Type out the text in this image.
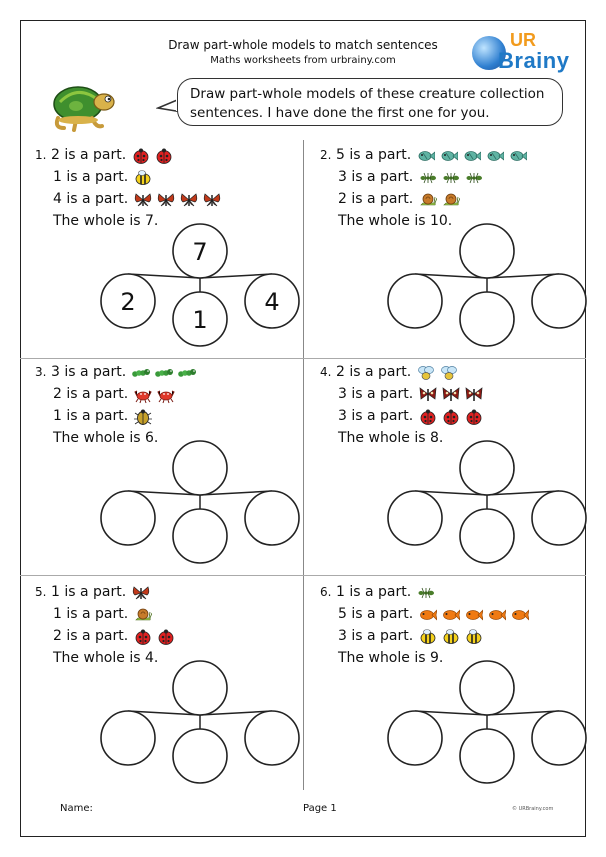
Draw part-whole models to match sentences
Maths worksheets from urbrainy.com
UR
Brainy
Draw part-whole models of these creature collection sentences. I have done the first one for you.
1. 2 is a part.
1 is a part.
4 is a part.
The whole is 7.
7
2
1
4
2. 5 is a part.
3 is a part.
2 is a part.
The whole is 10.
3. 3 is a part.
2 is a part.
1 is a part.
The whole is 6.
4. 2 is a part.
3 is a part.
3 is a part.
The whole is 8.
5. 1 is a part.
1 is a part.
2 is a part.
The whole is 4.
6. 1 is a part.
5 is a part.
3 is a part.
The whole is 9.
Name:	Page 1	© URBrainy.com
